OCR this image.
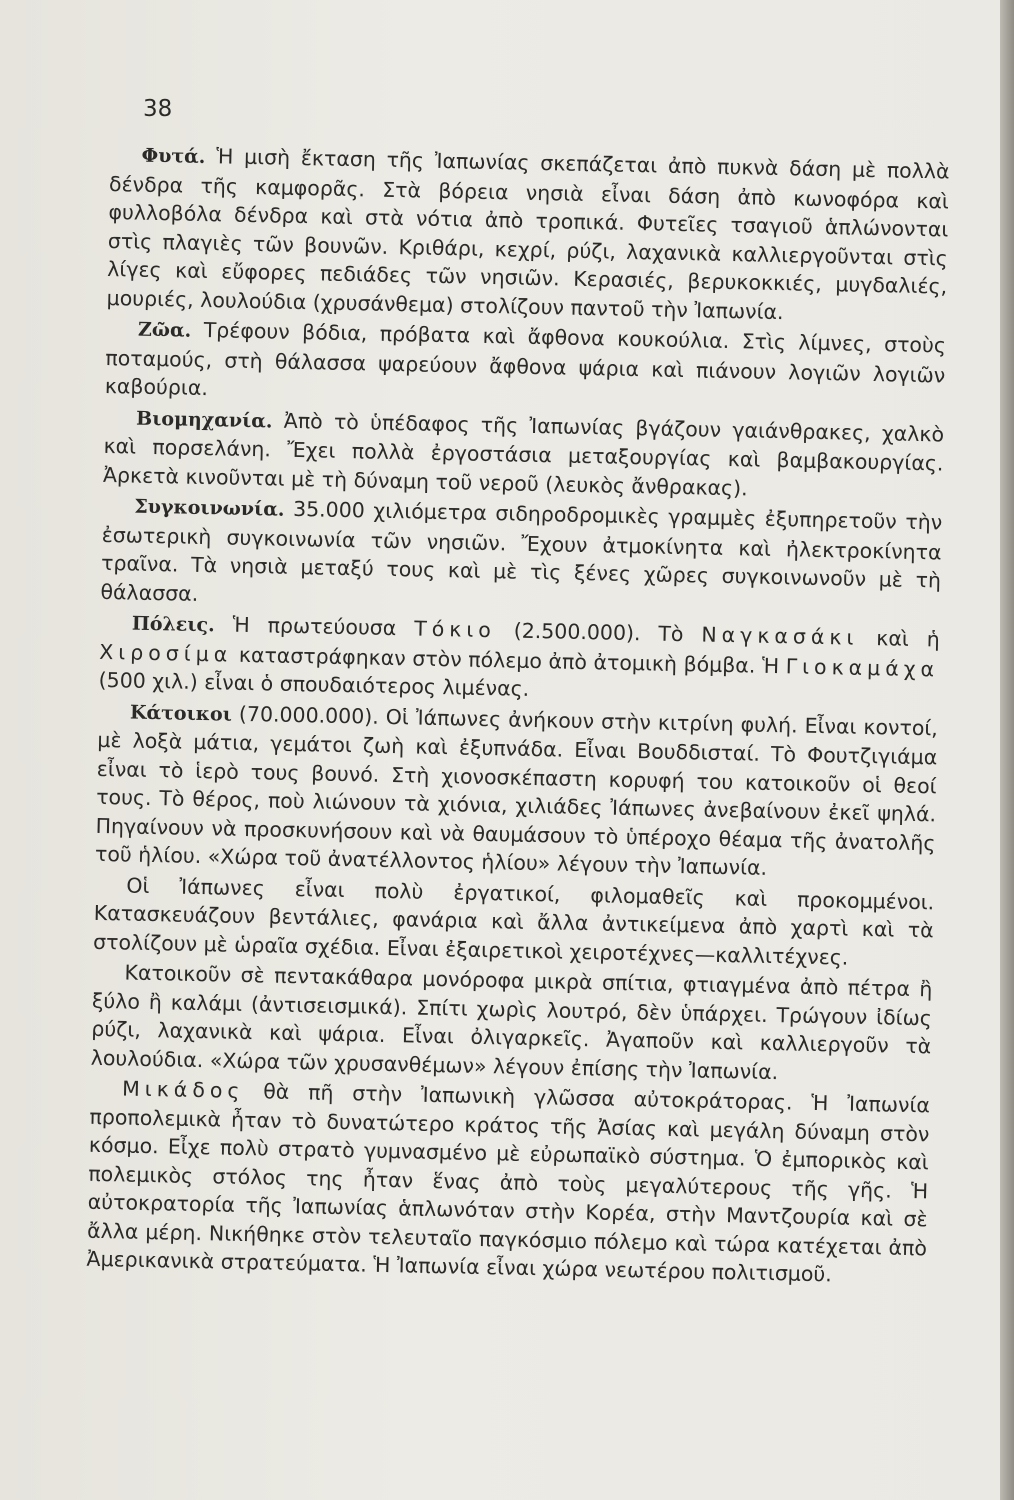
38

Φυτά. Ἡ μισὴ ἔκταση τῆς Ἰαπωνίας σκεπάζεται ἀπὸ πυκνὰ δάση μὲ πολλὰ δένδρα τῆς καμφορᾶς. Στὰ βόρεια νησιὰ εἶναι δάση ἀπὸ κωνοφόρα καὶ φυλλοβόλα δένδρα καὶ στὰ νότια ἀπὸ τροπικά. Φυτεῖες τσαγιοῦ ἁπλώνονται στὶς πλαγιὲς τῶν βουνῶν. Κριθάρι, κεχρί, ρύζι, λαχανικὰ καλλιεργοῦνται στὶς λίγες καὶ εὔφορες πεδιάδες τῶν νησιῶν. Κερασιές, βερυκοκκιές, μυγδαλιές, μουριές, λουλούδια (χρυσάνθεμα) στολίζουν παντοῦ τὴν Ἰαπωνία.

Ζῶα. Τρέφουν βόδια, πρόβατα καὶ ἄφθονα κουκούλια. Στὶς λίμνες, στοὺς ποταμούς, στὴ θάλασσα ψαρεύουν ἄφθονα ψάρια καὶ πιάνουν λογιῶν λογιῶν καβούρια.

Βιομηχανία. Ἀπὸ τὸ ὑπέδαφος τῆς Ἰαπωνίας βγάζουν γαιάνθρακες, χαλκὸ καὶ πορσελάνη. Ἔχει πολλὰ ἐργοστάσια μεταξουργίας καὶ βαμβακουργίας. Ἀρκετὰ κινοῦνται μὲ τὴ δύναμη τοῦ νεροῦ (λευκὸς ἄνθρακας).

Συγκοινωνία. 35.000 χιλιόμετρα σιδηροδρομικὲς γραμμὲς ἐξυπηρετοῦν τὴν ἐσωτερικὴ συγκοινωνία τῶν νησιῶν. Ἔχουν ἀτμοκίνητα καὶ ἠλεκτροκίνητα τραῖνα. Τὰ νησιὰ μεταξύ τους καὶ μὲ τὶς ξένες χῶρες συγκοινωνοῦν μὲ τὴ θάλασσα.

Πόλεις. Ἡ πρωτεύουσα Τόκιο (2.500.000). Τὸ Ναγκασάκι καὶ ἡ Χιροσίμα καταστράφηκαν στὸν πόλεμο ἀπὸ ἀτομικὴ βόμβα. Ἡ Γιοκαμάχα (500 χιλ.) εἶναι ὁ σπουδαιότερος λιμένας.

Κάτοικοι (70.000.000). Οἱ Ἰάπωνες ἀνήκουν στὴν κιτρίνη φυλή. Εἶναι κοντοί, μὲ λοξὰ μάτια, γεμάτοι ζωὴ καὶ ἐξυπνάδα. Εἶναι Βουδδισταί. Τὸ Φουτζιγιάμα εἶναι τὸ ἱερὸ τους βουνό. Στὴ χιονοσκέπαστη κορυφή του κατοικοῦν οἱ θεοί τους. Τὸ θέρος, ποὺ λιώνουν τὰ χιόνια, χιλιάδες Ἰάπωνες ἀνεβαίνουν ἐκεῖ ψηλά. Πηγαίνουν νὰ προσκυνήσουν καὶ νὰ θαυμάσουν τὸ ὑπέροχο θέαμα τῆς ἀνατολῆς τοῦ ἡλίου. «Χώρα τοῦ ἀνατέλλοντος ἡλίου» λέγουν τὴν Ἰαπωνία.

Οἱ Ἰάπωνες εἶναι πολὺ ἐργατικοί, φιλομαθεῖς καὶ προκομμένοι. Κατασκευάζουν βεντάλιες, φανάρια καὶ ἄλλα ἀντικείμενα ἀπὸ χαρτὶ καὶ τὰ στολίζουν μὲ ὡραῖα σχέδια. Εἶναι ἐξαιρετικοὶ χειροτέχνες—καλλιτέχνες.

Κατοικοῦν σὲ πεντακάθαρα μονόροφα μικρὰ σπίτια, φτιαγμένα ἀπὸ πέτρα ἢ ξύλο ἢ καλάμι (ἀντισεισμικά). Σπίτι χωρὶς λουτρό, δὲν ὑπάρχει. Τρώγουν ἰδίως ρύζι, λαχανικὰ καὶ ψάρια. Εἶναι ὀλιγαρκεῖς. Ἀγαποῦν καὶ καλλιεργοῦν τὰ λουλούδια. «Χώρα τῶν χρυσανθέμων» λέγουν ἐπίσης τὴν Ἰαπωνία.

Μικάδος θὰ πῆ στὴν Ἰαπωνικὴ γλῶσσα αὐτοκράτορας. Ἡ Ἰαπωνία προπολεμικὰ ἦταν τὸ δυνατώτερο κράτος τῆς Ἀσίας καὶ μεγάλη δύναμη στὸν κόσμο. Εἶχε πολὺ στρατὸ γυμνασμένο μὲ εὐρωπαϊκὸ σύστημα. Ὁ ἐμπορικὸς καὶ πολεμικὸς στόλος της ἦταν ἕνας ἀπὸ τοὺς μεγαλύτερους τῆς γῆς. Ἡ αὐτοκρατορία τῆς Ἰαπωνίας ἁπλωνόταν στὴν Κορέα, στὴν Μαντζουρία καὶ σὲ ἄλλα μέρη. Νικήθηκε στὸν τελευταῖο παγκόσμιο πόλεμο καὶ τώρα κατέχεται ἀπὸ Ἀμερικανικὰ στρατεύματα. Ἡ Ἰαπωνία εἶναι χώρα νεωτέρου πολιτισμοῦ.
